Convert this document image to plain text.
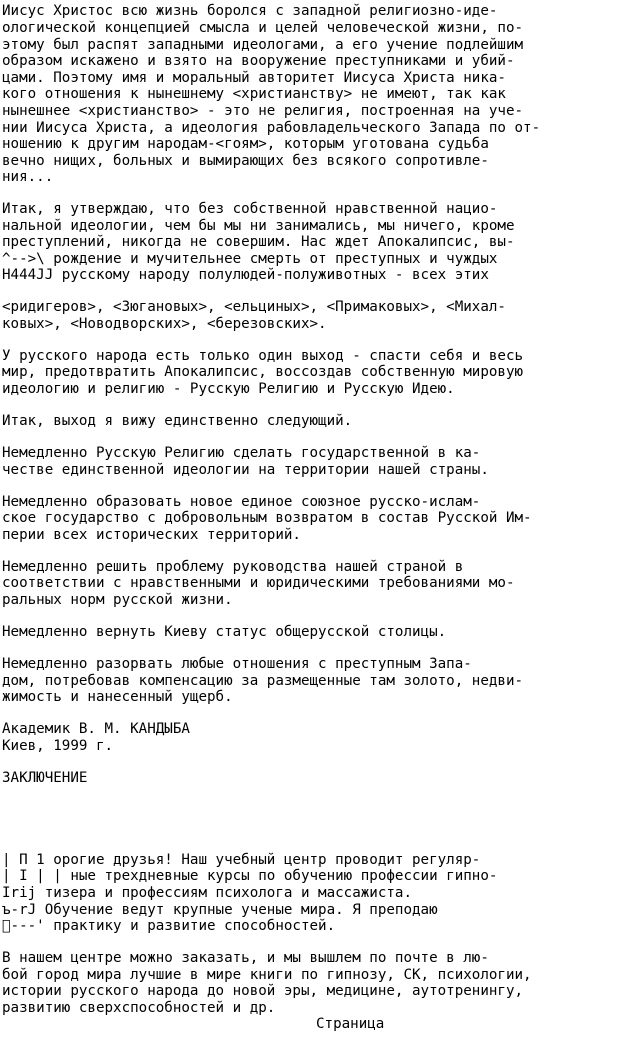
Иисус Христос всю жизнь боролся с западной религиозно-иде-
ологической концепцией смысла и целей человеческой жизни, по-
этому был распят западными идеологами, а его учение подлейшим
образом искажено и взято на вооружение преступниками и убий-
цами. Поэтому имя и моральный авторитет Иисуса Христа ника-
кого отношения к нынешнему <христианству> не имеют, так как
нынешнее <христианство> - это не религия, построенная на уче-
нии Иисуса Христа, а идеология рабовладельческого Запада по от-
ношению к другим народам-<гоям>, которым уготована судьба
вечно нищих, больных и вымирающих без всякого сопротивле-
ния...
Итак, я утверждаю, что без собственной нравственной нацио-
нальной идеологии, чем бы мы ни занимались, мы ничего, кроме
преступлений, никогда не совершим. Нас ждет Апокалипсис, вы-
^-->\ рождение и мучительнее смерть от преступных и чуждых
H444JJ русскому народу полулюдей-полуживотных - всех этих
<ридигеров>, <Зюгановых>, <ельциных>, <Примаковых>, <Михал-
ковых>, <Новодворских>, <березовских>.
У русского народа есть только один выход - спасти себя и весь
мир, предотвратить Апокалипсис, воссоздав собственную мировую
идеологию и религию - Русскую Религию и Русскую Идею.
Итак, выход я вижу единственно следующий.
Немедленно Русскую Религию сделать государственной в ка-
честве единственной идеологии на территории нашей страны.
Немедленно образовать новое единое союзное русско-ислам-
ское государство с добровольным возвратом в состав Русской Им-
перии всех исторических территорий.
Немедленно решить проблему руководства нашей страной в
соответствии с нравственными и юридическими требованиями мо-
ральных норм русской жизни.
Немедленно вернуть Киеву статус общерусской столицы.
Немедленно разорвать любые отношения с преступным Запа-
дом, потребовав компенсацию за размещенные там золото, недви-
жимость и нанесенный ущерб.
Академик В. М. КАНДЫБА
Киев, 1999 г.
ЗАКЛЮЧЕНИЕ
| П 1 орогие друзья! Наш учебный центр проводит регуляр-
| I | | ные трехдневные курсы по обучению профессии гипно-
Irij тизера и профессиям психолога и массажиста.
ъ-rJ Обучение ведут крупные ученые мира. Я преподаю
 ---' практику и развитие способностей.
В нашем центре можно заказать, и мы вышлем по почте в лю-
бой город мира лучшие в мире книги по гипнозу, СК, психологии,
истории русского народа до новой эры, медицине, аутотренингу,
развитию сверхспособностей и др.
Страница
